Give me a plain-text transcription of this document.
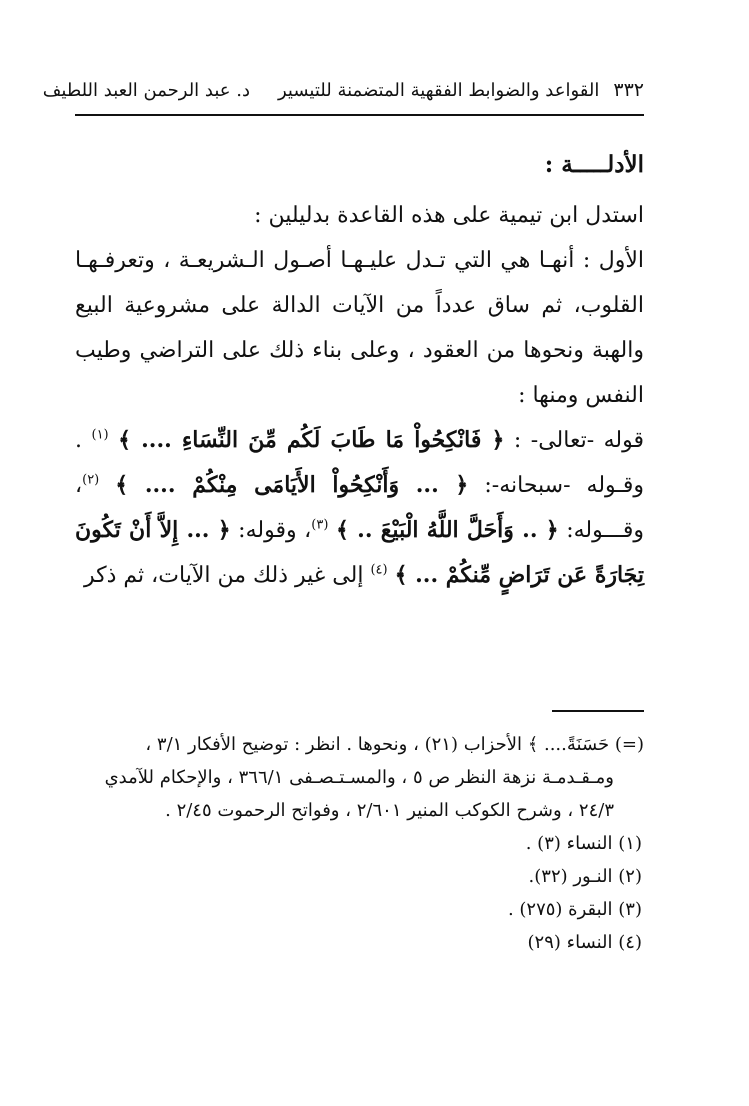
٣٣٢
القواعد والضوابط الفقهية المتضمنة للتيسير
د. عبد الرحمن العبد اللطيف

الأدلـــــة :

استدل ابن تيمية على هذه القاعدة بدليلين :

الأول : أنهـا هي التي تـدل عليـهـا أصـول الـشريعـة ، وتعرفـهـا القلوب، ثم ساق عدداً من الآيات الدالة على مشروعية البيع والهبة ونحوها من العقود ، وعلى بناء ذلك على التراضي وطيب النفس ومنها :

قوله -تعالى- : ﴿ فَانْكِحُواْ مَا طَابَ لَكُم مِّنَ النِّسَاءِ .... ﴾ $^{(١)}$ . وقـوله -سبحانه-: ﴿ ... وَأَنْكِحُواْ الأَيَامَى مِنْكُمْ .... ﴾ $^{(٢)}$، وقـــوله: ﴿ .. وَأَحَلَّ اللَّهُ الْبَيْعَ .. ﴾ $^{(٣)}$، وقوله: ﴿ ... إِلاَّ أَنْ تَكُونَ تِجَارَةً عَن تَرَاضٍ مِّنكُمْ ... ﴾ $^{(٤)}$ إلى غير ذلك من الآيات، ثم ذكر

(=) حَسَنَةً.... ﴾ الأحزاب (٢١) ، ونحوها . انظر : توضيح الأفكار ٣/١ ،

ومـقـدمـة نزهة النظر ص ٥ ، والمسـتـصـفى ٣٦٦/١ ، والإحكام للآمدي

٢٤/٣ ، وشرح الكوكب المنير ٢/٦٠١ ، وفواتح الرحموت ٢/٤٥ .

(١) النساء (٣) .

(٢) النـور (٣٢).

(٣) البقرة (٢٧٥) .

(٤) النساء (٢٩)
